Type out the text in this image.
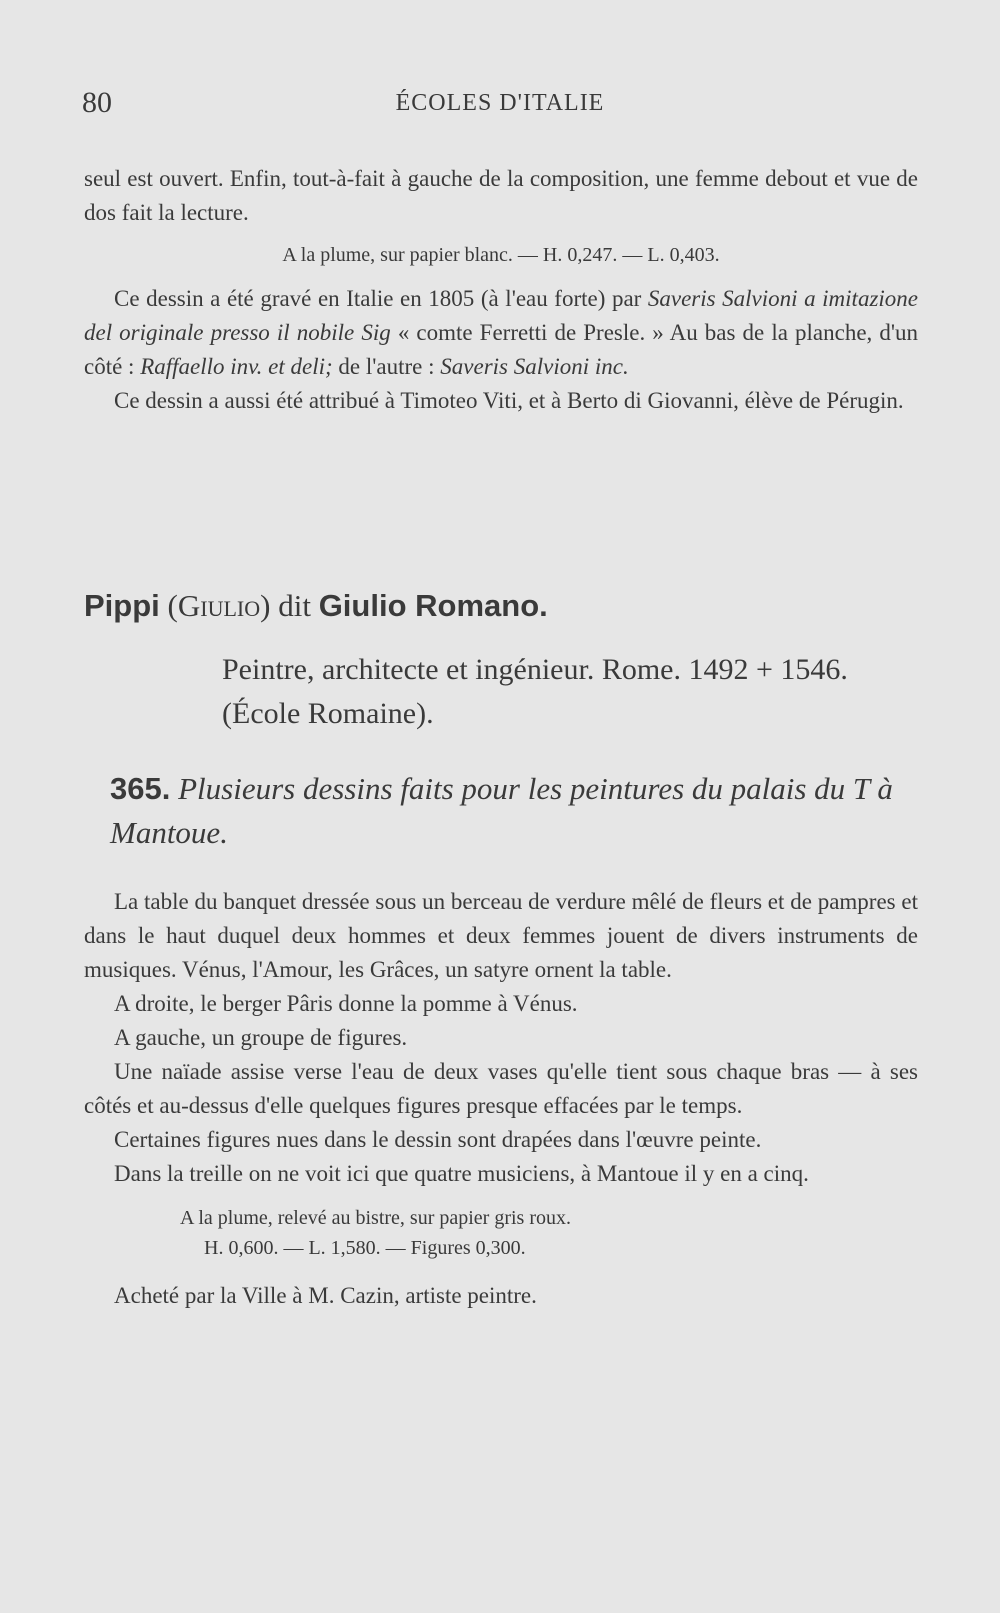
80	ÉCOLES D'ITALIE

seul est ouvert. Enfin, tout-à-fait à gauche de la composition, une femme debout et vue de dos fait la lecture.

A la plume, sur papier blanc. — H. 0,247. — L. 0,403.

Ce dessin a été gravé en Italie en 1805 (à l'eau forte) par Saveris Salvioni a imitazione del originale presso il nobile Sig « comte Ferretti de Presle. » Au bas de la planche, d'un côté : Raffaello inv. et deli; de l'autre : Saveris Salvioni inc.

Ce dessin a aussi été attribué à Timoteo Viti, et à Berto di Giovanni, élève de Pérugin.

Pippi (Giulio) dit Giulio Romano.
Peintre, architecte et ingénieur. Rome. 1492 + 1546. (École Romaine).
365. Plusieurs dessins faits pour les peintures du palais du T à Mantoue.

La table du banquet dressée sous un berceau de verdure mêlé de fleurs et de pampres et dans le haut duquel deux hommes et deux femmes jouent de divers instruments de musiques. Vénus, l'Amour, les Grâces, un satyre ornent la table.

A droite, le berger Pâris donne la pomme à Vénus.

A gauche, un groupe de figures.

Une naïade assise verse l'eau de deux vases qu'elle tient sous chaque bras — à ses côtés et au-dessus d'elle quelques figures presque effacées par le temps.

Certaines figures nues dans le dessin sont drapées dans l'œuvre peinte.

Dans la treille on ne voit ici que quatre musiciens, à Mantoue il y en a cinq.

A la plume, relevé au bistre, sur papier gris roux.

H. 0,600. — L. 1,580. — Figures 0,300.

Acheté par la Ville à M. Cazin, artiste peintre.
